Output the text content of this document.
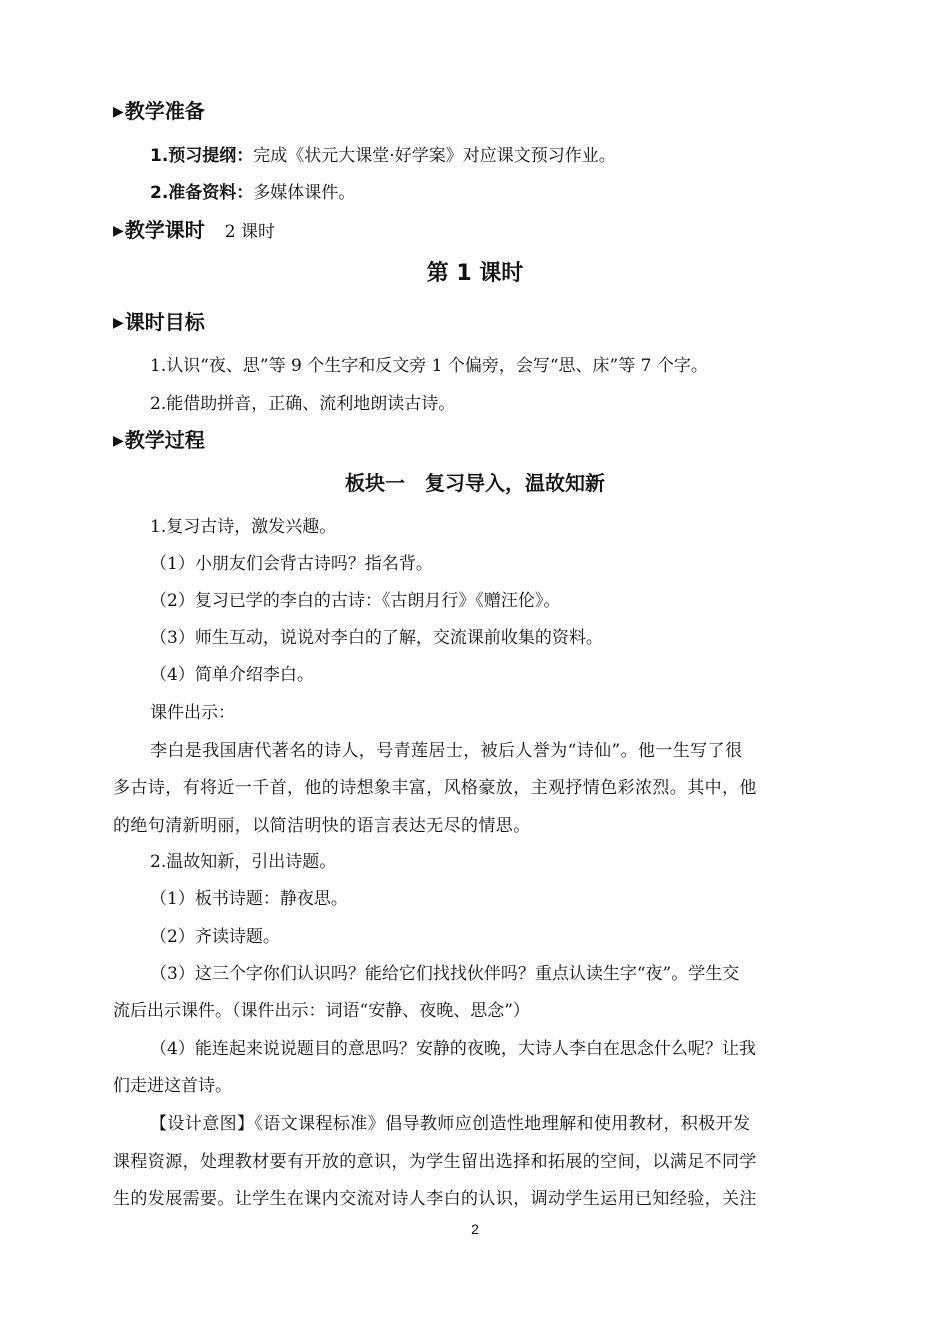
▶教学准备
1.预习提纲：完成《状元大课堂·好学案》对应课文预习作业。
2.准备资料：多媒体课件。
▶教学课时 2 课时
第 1 课时
▶课时目标
1.认识“夜、思”等 9 个生字和反文旁 1 个偏旁，会写“思、床”等 7 个字。
2.能借助拼音，正确、流利地朗读古诗。
▶教学过程
板块一　复习导入，温故知新
1.复习古诗，激发兴趣。
（1）小朋友们会背古诗吗？指名背。
（2）复习已学的李白的古诗：《古朗月行》《赠汪伦》。
（3）师生互动，说说对李白的了解，交流课前收集的资料。
（4）简单介绍李白。
课件出示：
李白是我国唐代著名的诗人，号青莲居士，被后人誉为“诗仙”。他一生写了很
多古诗，有将近一千首，他的诗想象丰富，风格豪放，主观抒情色彩浓烈。其中，他
的绝句清新明丽，以简洁明快的语言表达无尽的情思。
2.温故知新，引出诗题。
（1）板书诗题：静夜思。
（2）齐读诗题。
（3）这三个字你们认识吗？能给它们找找伙伴吗？重点认读生字“夜”。学生交
流后出示课件。（课件出示：词语“安静、夜晚、思念”）
（4）能连起来说说题目的意思吗？安静的夜晚，大诗人李白在思念什么呢？让我
们走进这首诗。
【设计意图】《语文课程标准》倡导教师应创造性地理解和使用教材，积极开发
课程资源，处理教材要有开放的意识，为学生留出选择和拓展的空间，以满足不同学
生的发展需要。让学生在课内交流对诗人李白的认识，调动学生运用已知经验，关注
2
